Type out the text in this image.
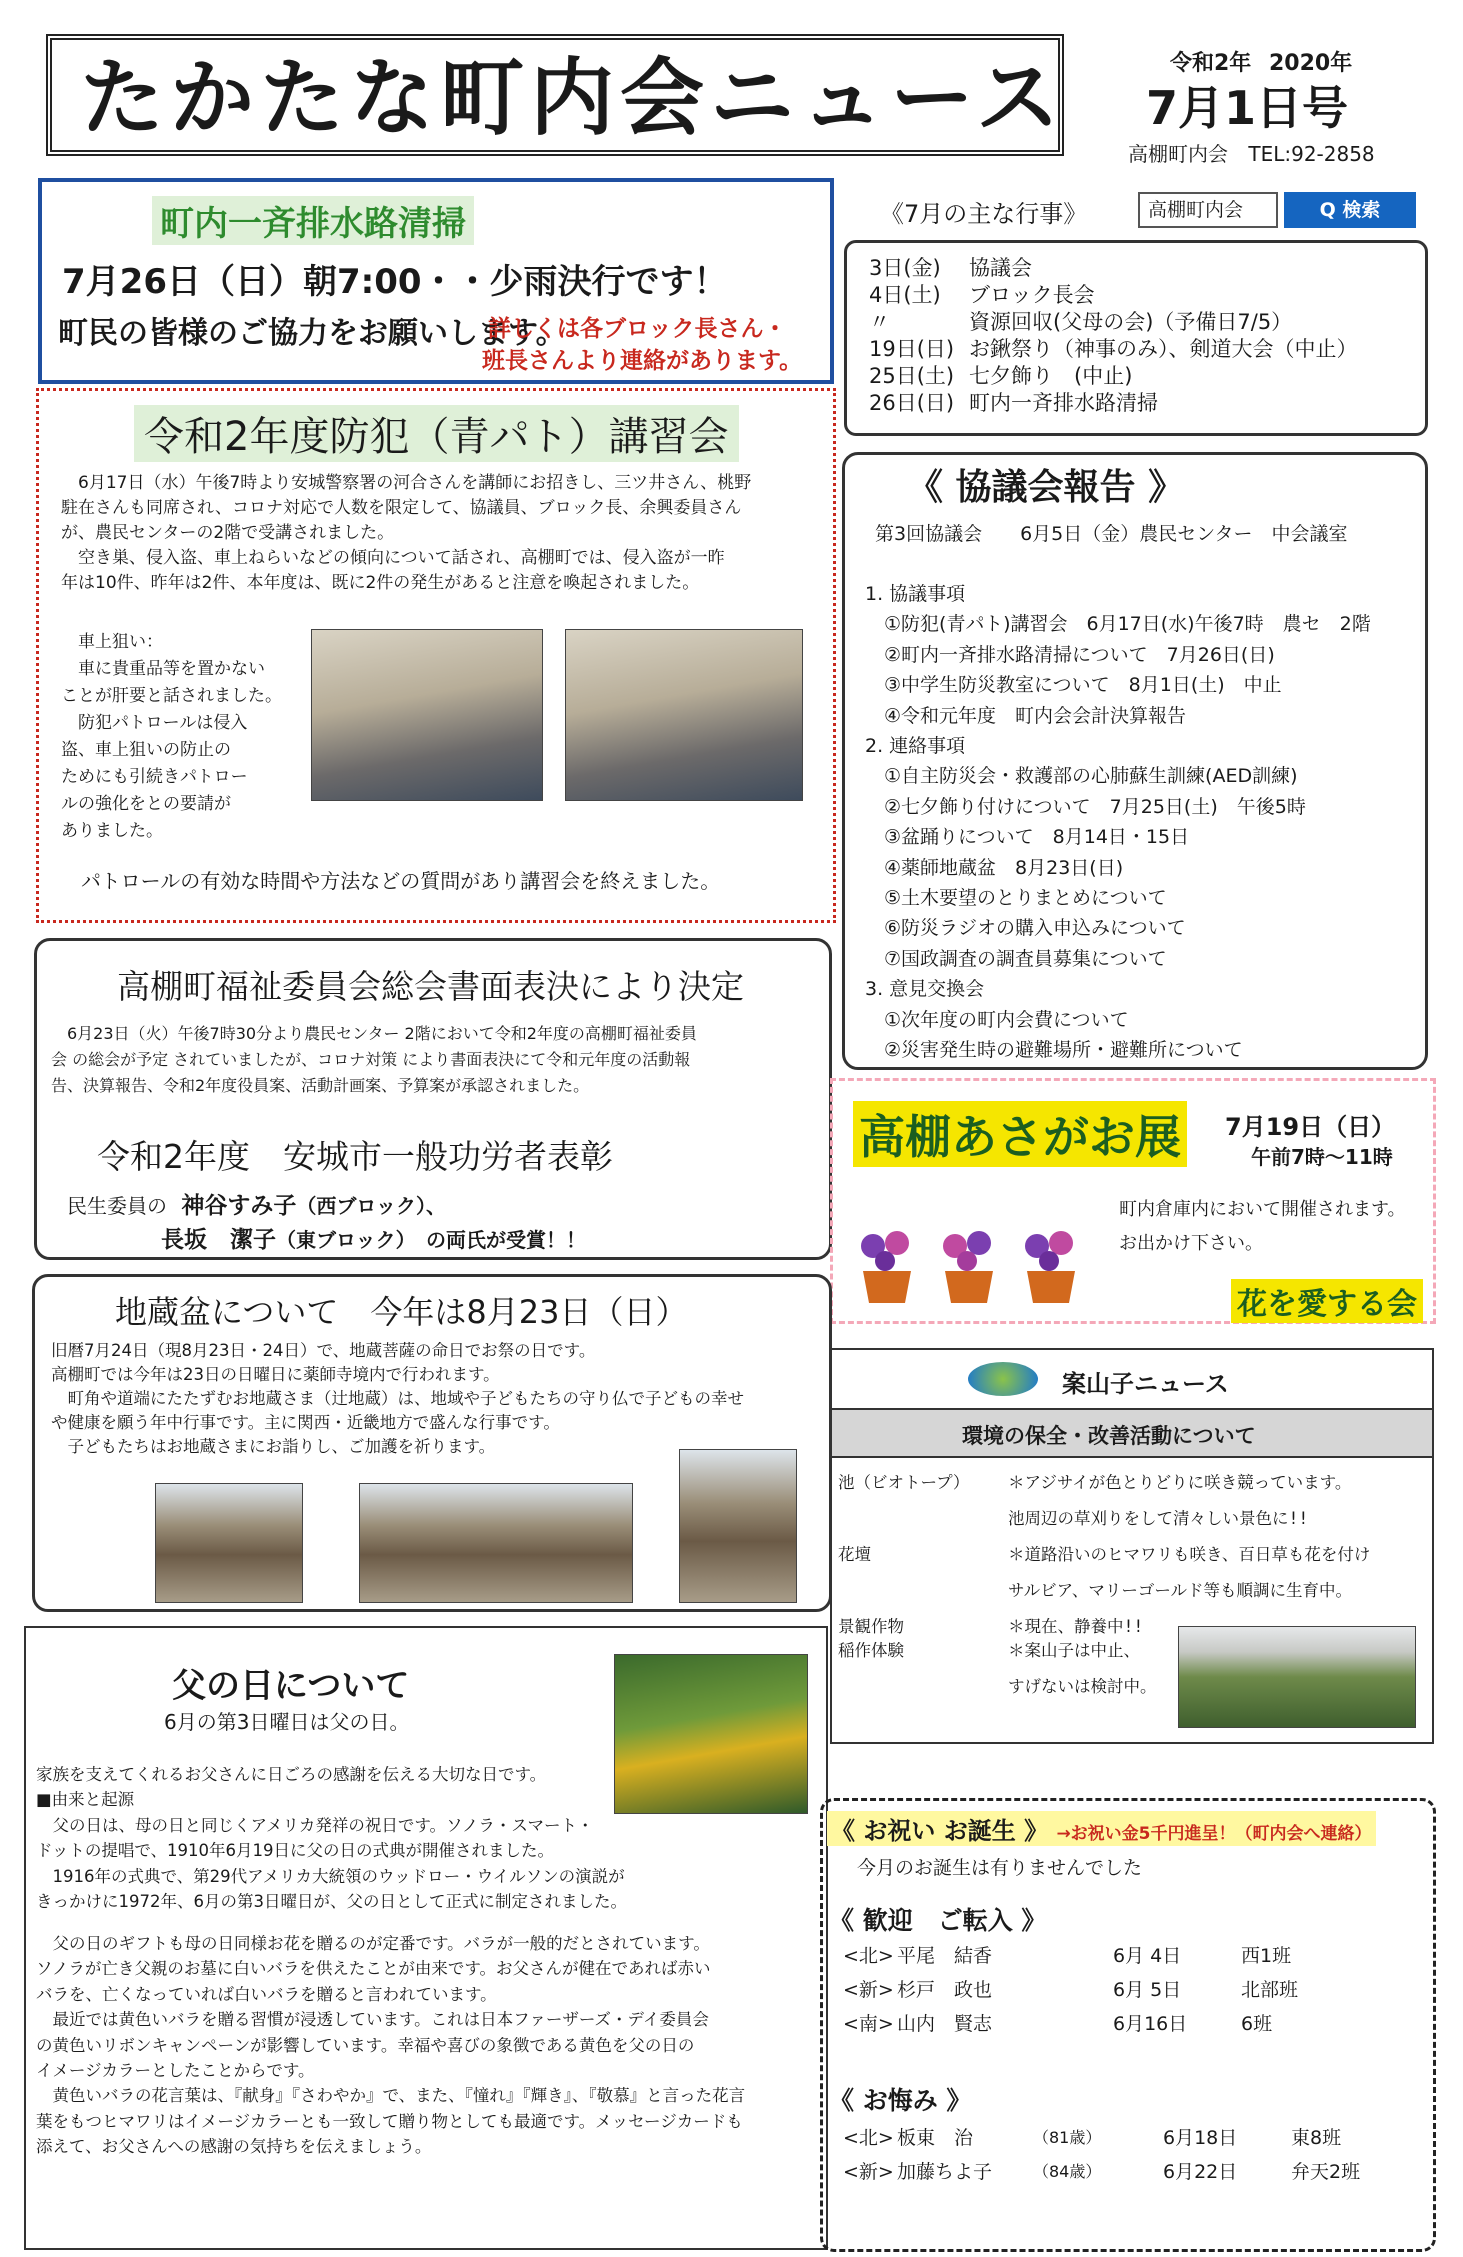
たかたな町内会ニュース	令和2年 2020年
7月1日号
高棚町内会 TEL:92-2858
町内一斉排水路清掃
7月26日（日）朝7:00・・少雨決行です！
町民の皆様のご協力をお願いします。
詳しくは各ブロック長さん・
班長さんより連絡があります。
高棚町内会	Q 検索
《7月の主な行事》
3日(金) 協議会
4日(土) ブロック長会
〃	資源回収(父母の会)（予備日7/5）
19日(日) お鍬祭り（神事のみ）、剣道大会（中止）
25日(土) 七夕飾り　(中止)
26日(日) 町内一斉排水路清掃
令和2年度防犯（青パト）講習会
　6月17日（水）午後7時より安城警察署の河合さんを講師にお招きし、三ツ井さん、桃野
駐在さんも同席され、コロナ対応で人数を限定して、協議員、ブロック長、余興委員さん
が、農民センターの2階で受講されました。
　空き巣、侵入盗、車上ねらいなどの傾向について話され、高棚町では、侵入盗が一昨
年は10件、昨年は2件、本年度は、既に2件の発生があると注意を喚起されました。
　車上狙い：
　車に貴重品等を置かない
ことが肝要と話されました。
　防犯パトロールは侵入
盗、車上狙いの防止の
ためにも引続きパトロー
ルの強化をとの要請が
ありました。
　パトロールの有効な時間や方法などの質問があり講習会を終えました。
《 協議会報告 》
第3回協議会　　6月5日（金）農民センター　中会議室
1. 協議事項
　①防犯(青パト)講習会　6月17日(水)午後7時　農セ　2階
　②町内一斉排水路清掃について　7月26日(日)
　③中学生防災教室について　8月1日(土)　中止
　④令和元年度　町内会会計決算報告
2. 連絡事項
　①自主防災会・救護部の心肺蘇生訓練(AED訓練)
　②七夕飾り付けについて　7月25日(土)　午後5時
　③盆踊りについて　8月14日・15日
　④薬師地蔵盆　8月23日(日)
　⑤土木要望のとりまとめについて
　⑥防災ラジオの購入申込みについて
　⑦国政調査の調査員募集について
3. 意見交換会
　①次年度の町内会費について
　②災害発生時の避難場所・避難所について
高棚町福祉委員会総会書面表決により決定
　6月23日（火）午後7時30分より農民センター 2階において令和2年度の高棚町福祉委員
会 の総会が予定 されていましたが、コロナ対策 により書面表決にて令和元年度の活動報
告、決算報告、令和2年度役員案、活動計画案、予算案が承認されました。
令和2年度　安城市一般功労者表彰
民生委員の 神谷すみ子（西ブロック）、
長坂　潔子（東ブロック） の両氏が受賞！！
高棚あさがお展 7月19日（日）
午前7時～11時
町内倉庫内において開催されます。
お出かけ下さい。
花を愛する会
地蔵盆について　今年は8月23日（日）
旧暦7月24日（現8月23日・24日）で、地蔵菩薩の命日でお祭の日です。
高棚町では今年は23日の日曜日に薬師寺境内で行われます。
　町角や道端にたたずむお地蔵さま（辻地蔵）は、地域や子どもたちの守り仏で子どもの幸せ
や健康を願う年中行事です。主に関西・近畿地方で盛んな行事です。
　子どもたちはお地蔵さまにお詣りし、ご加護を祈ります。
案山子ニュース
環境の保全・改善活動について
池（ビオトープ） ＊アジサイが色とりどりに咲き競っています。
池周辺の草刈りをして清々しい景色に!!
花壇	＊道路沿いのヒマワリも咲き、百日草も花を付け
サルビア、マリーゴールド等も順調に生育中。
景観作物	＊現在、静養中!!
稲作体験	＊案山子は中止、
すげないは検討中。
父の日について
6月の第3日曜日は父の日。
家族を支えてくれるお父さんに日ごろの感謝を伝える大切な日です。
■由来と起源
　父の日は、母の日と同じくアメリカ発祥の祝日です。ソノラ・スマート・
ドットの提唱で、1910年6月19日に父の日の式典が開催されました。
　1916年の式典で、第29代アメリカ大統領のウッドロー・ウイルソンの演説が
きっかけに1972年、6月の第3日曜日が、父の日として正式に制定されました。
　父の日のギフトも母の日同様お花を贈るのが定番です。バラが一般的だとされています。
ソノラが亡き父親のお墓に白いバラを供えたことが由来です。お父さんが健在であれば赤い
バラを、亡くなっていれば白いバラを贈ると言われています。
　最近では黄色いバラを贈る習慣が浸透しています。これは日本ファーザーズ・デイ委員会
の黄色いリボンキャンペーンが影響しています。幸福や喜びの象徴である黄色を父の日の
イメージカラーとしたことからです。
　黄色いバラの花言葉は、『献身』『さわやか』で、また、『憧れ』『輝き』、『敬慕』と言った花言
葉をもつヒマワリはイメージカラーとも一致して贈り物としても最適です。メッセージカードも
添えて、お父さんへの感謝の気持ちを伝えましょう。
《 お祝い お誕生 》 →お祝い金5千円進呈！（町内会へ連絡）
今月のお誕生は有りませんでした
《 歓迎　ご転入 》
<北> 平尾　結香	6月 4日	西1班
<新> 杉戸　政也	6月 5日	北部班
<南> 山内　賢志	6月16日	6班
《 お悔み 》
<北> 板東　治	（81歳）	6月18日	東8班
<新> 加藤ちよ子	（84歳）	6月22日	弁天2班
